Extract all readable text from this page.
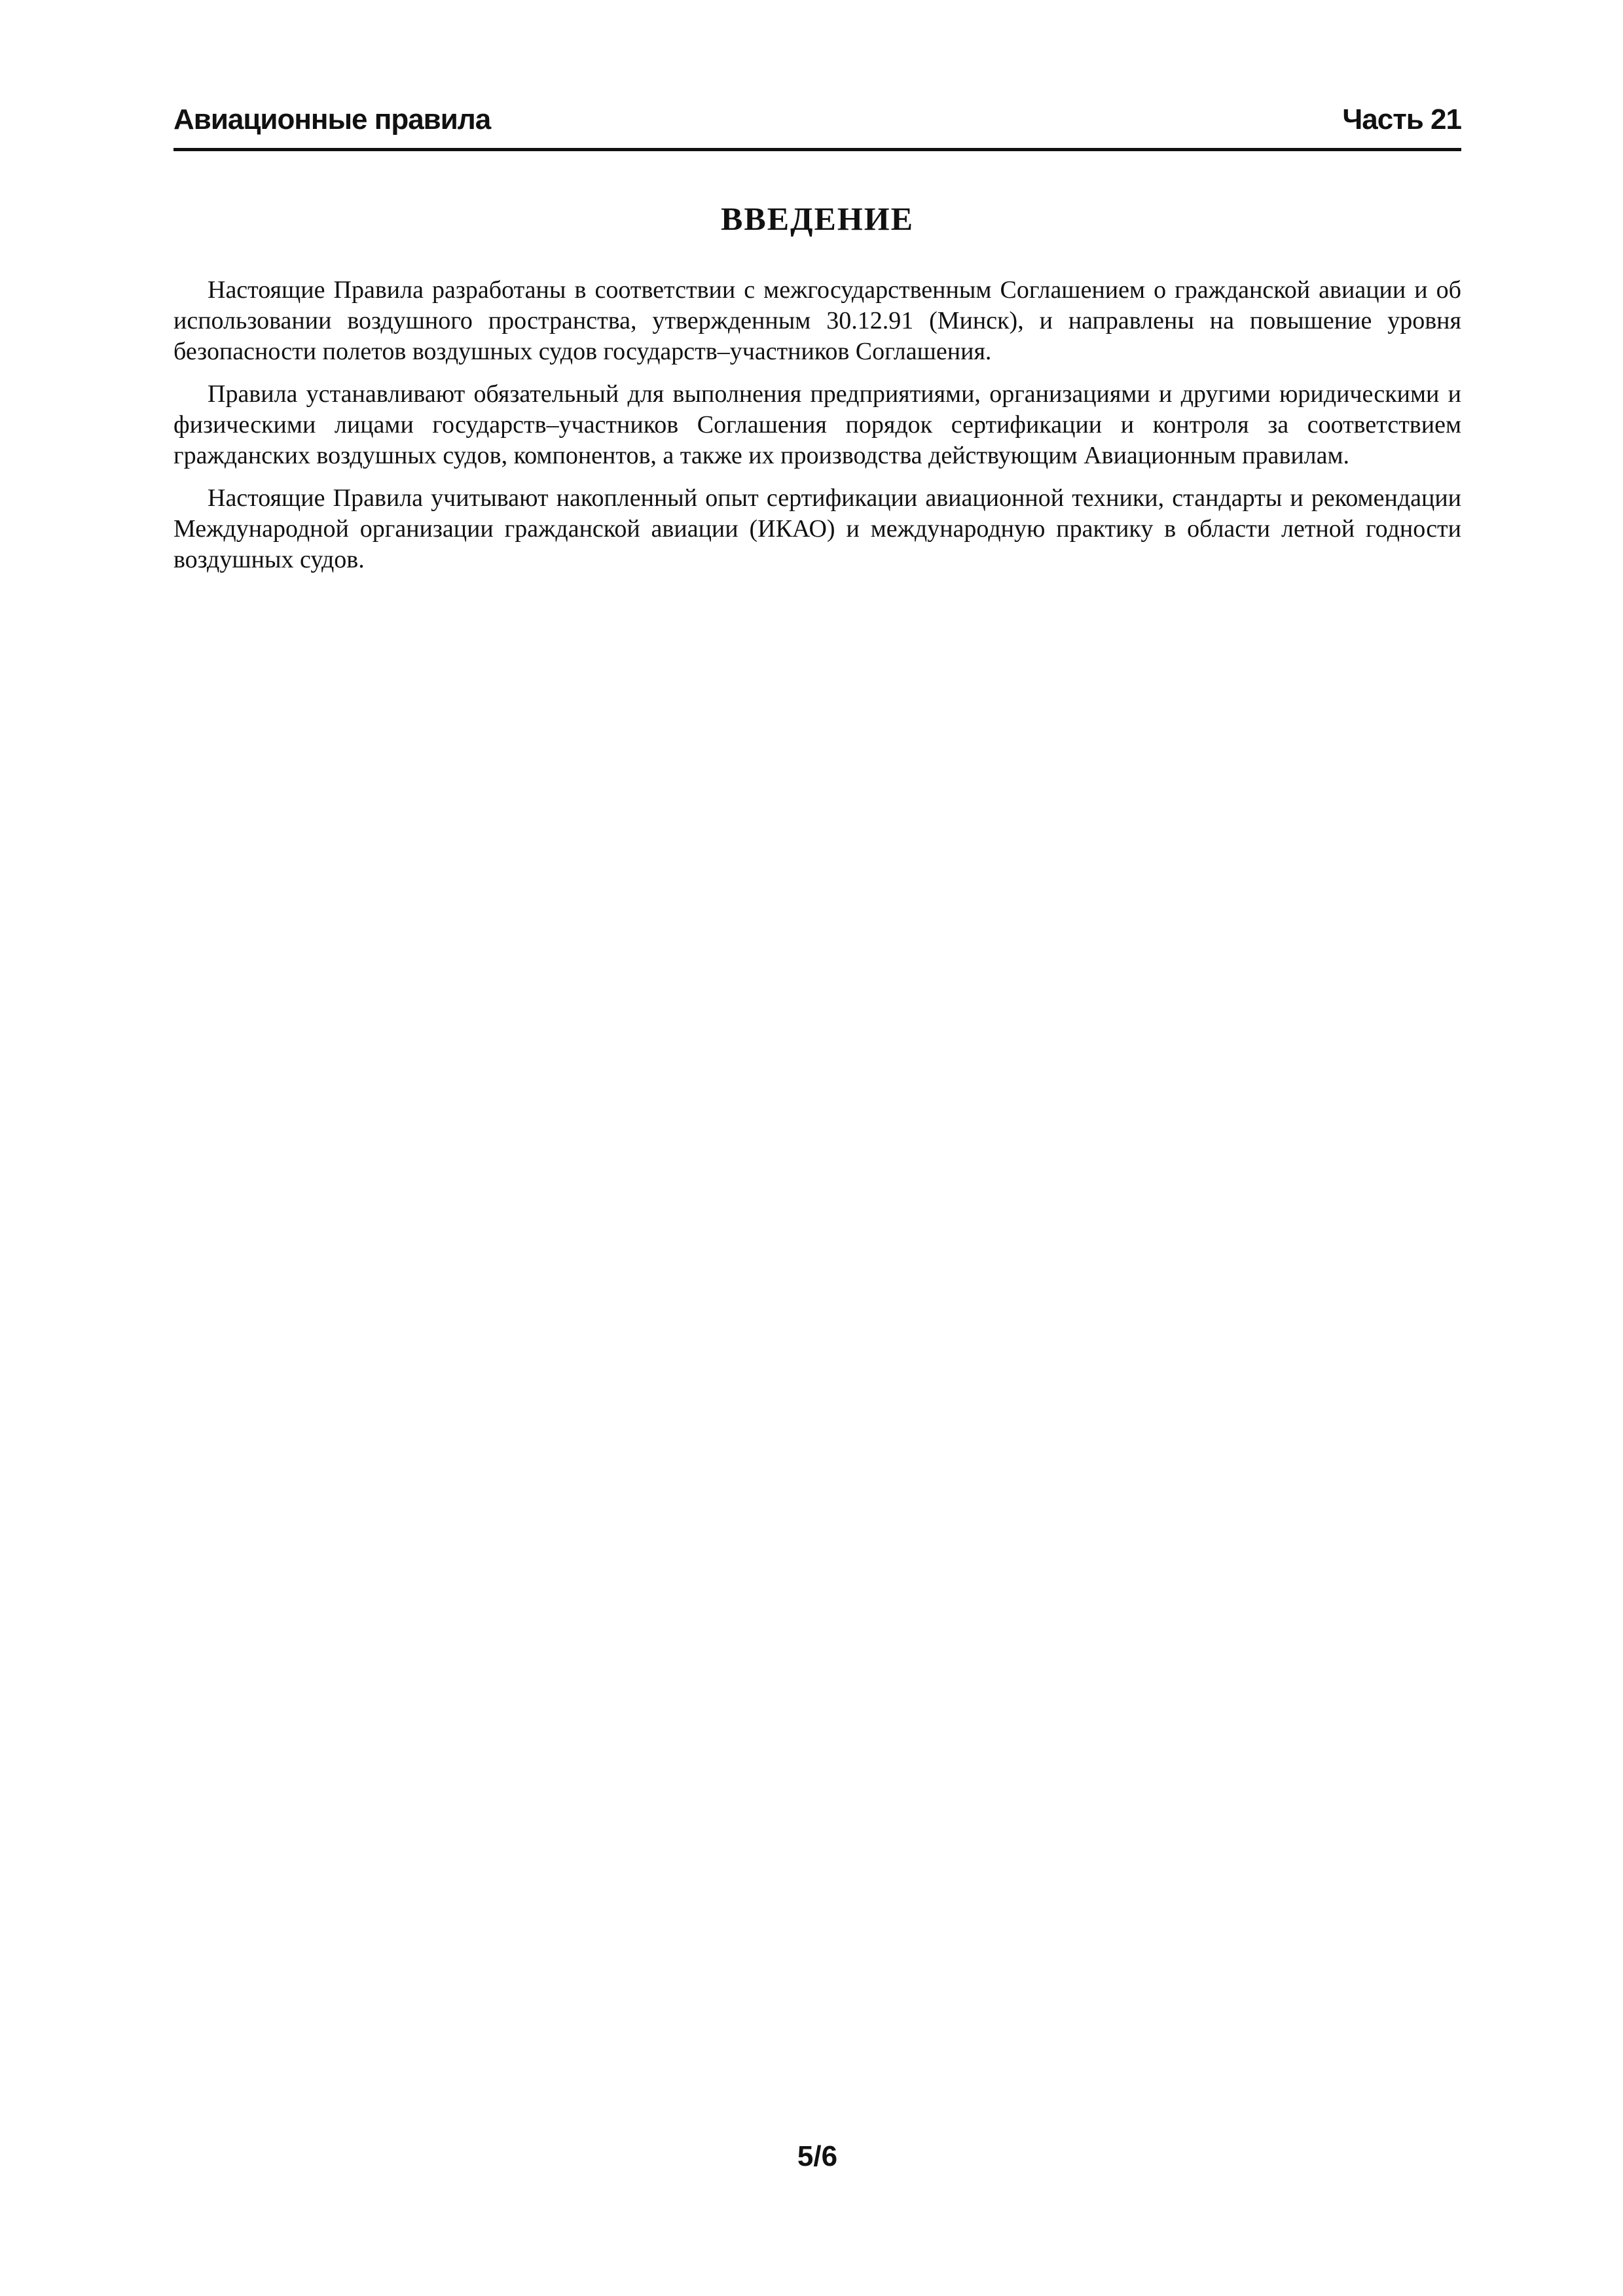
Авиационные правила	Часть 21
ВВЕДЕНИЕ

Настоящие Правила разработаны в соответствии с межгосударственным Соглашением о гражданской авиации и об использовании воздушного пространства, утвержденным 30.12.91 (Минск), и направлены на повышение уровня безопасности полетов воздушных судов государств–участников Соглашения.

Правила устанавливают обязательный для выполнения предприятиями, организациями и другими юридическими и физическими лицами государств–участников Соглашения порядок сертификации и контроля за соответствием гражданских воздушных судов, компонентов, а также их производства действующим Авиационным правилам.

Настоящие Правила учитывают накопленный опыт сертификации авиационной техники, стандарты и рекомендации Международной организации гражданской авиации (ИКАО) и международную практику в области летной годности воздушных судов.

5/6
